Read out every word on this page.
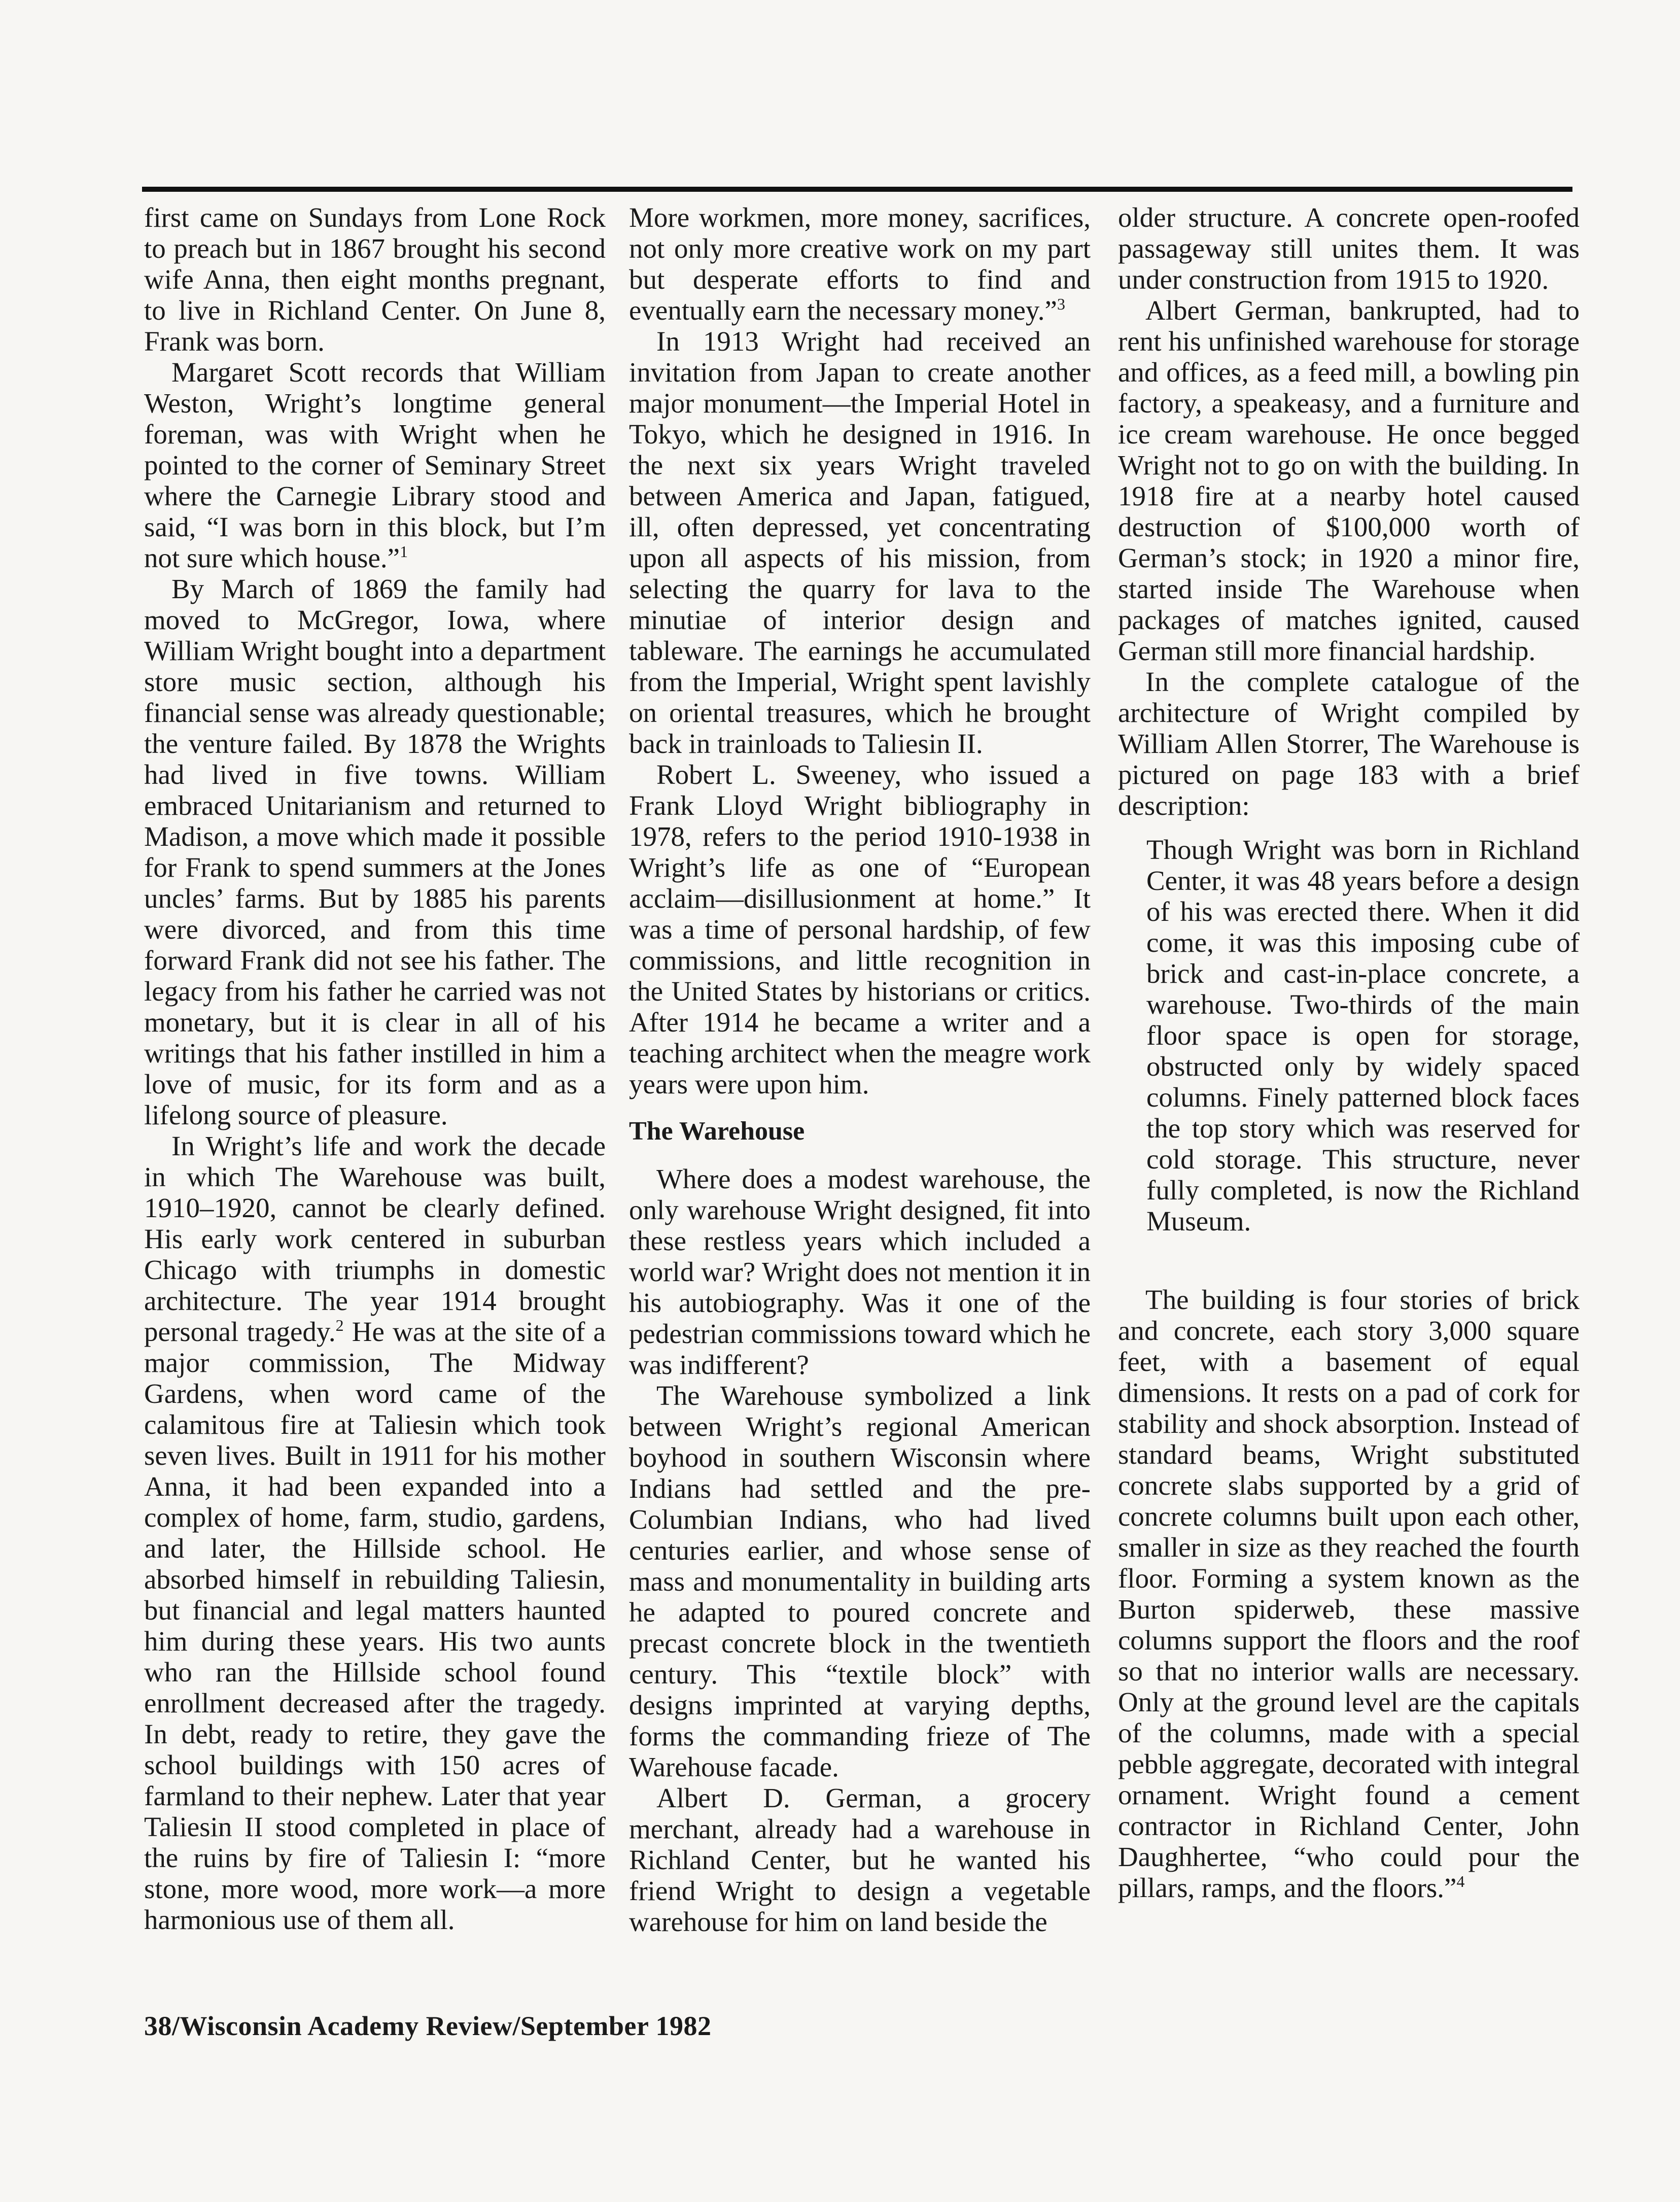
first came on Sundays from Lone Rock to preach but in 1867 brought his second wife Anna, then eight months pregnant, to live in Richland Center. On June 8, Frank was born.

Margaret Scott records that William Weston, Wright’s longtime general foreman, was with Wright when he pointed to the corner of Seminary Street where the Carnegie Library stood and said, “I was born in this block, but I’m not sure which house.”$^1$

By March of 1869 the family had moved to McGregor, Iowa, where William Wright bought into a department store music section, although his financial sense was already questionable; the venture failed. By 1878 the Wrights had lived in five towns. William embraced Unitarianism and returned to Madison, a move which made it possible for Frank to spend summers at the Jones uncles’ farms. But by 1885 his parents were divorced, and from this time forward Frank did not see his father. The legacy from his father he carried was not monetary, but it is clear in all of his writings that his father instilled in him a love of music, for its form and as a lifelong source of pleasure.

In Wright’s life and work the decade in which The Warehouse was built, 1910–1920, cannot be clearly defined. His early work centered in suburban Chicago with triumphs in domestic architecture. The year 1914 brought personal tragedy.$^2$ He was at the site of a major commission, The Midway Gardens, when word came of the calamitous fire at Taliesin which took seven lives. Built in 1911 for his mother Anna, it had been expanded into a complex of home, farm, studio, gardens, and later, the Hillside school. He absorbed himself in rebuilding Taliesin, but financial and legal matters haunted him during these years. His two aunts who ran the Hillside school found enrollment decreased after the tragedy. In debt, ready to retire, they gave the school buildings with 150 acres of farmland to their nephew. Later that year Taliesin II stood completed in place of the ruins by fire of Taliesin I: “more stone, more wood, more work—a more harmonious use of them all.

More workmen, more money, sacrifices, not only more creative work on my part but desperate efforts to find and eventually earn the necessary money.”$^3$

In 1913 Wright had received an invitation from Japan to create another major monument—the Imperial Hotel in Tokyo, which he designed in 1916. In the next six years Wright traveled between America and Japan, fatigued, ill, often depressed, yet concentrating upon all aspects of his mission, from selecting the quarry for lava to the minutiae of interior design and tableware. The earnings he accumulated from the Imperial, Wright spent lavishly on oriental treasures, which he brought back in trainloads to Taliesin II.

Robert L. Sweeney, who issued a Frank Lloyd Wright bibliography in 1978, refers to the period 1910-1938 in Wright’s life as one of “European acclaim—disillusionment at home.” It was a time of personal hardship, of few commissions, and little recognition in the United States by historians or critics. After 1914 he became a writer and a teaching architect when the meagre work years were upon him.

The Warehouse

Where does a modest warehouse, the only warehouse Wright designed, fit into these restless years which included a world war? Wright does not mention it in his autobiography. Was it one of the pedestrian commissions toward which he was indifferent?

The Warehouse symbolized a link between Wright’s regional American boyhood in southern Wisconsin where Indians had settled and the pre-Columbian Indians, who had lived centuries earlier, and whose sense of mass and monumentality in building arts he adapted to poured concrete and precast concrete block in the twentieth century. This “textile block” with designs imprinted at varying depths, forms the commanding frieze of The Warehouse facade.

Albert D. German, a grocery merchant, already had a warehouse in Richland Center, but he wanted his friend Wright to design a vegetable warehouse for him on land beside the

older structure. A concrete open-roofed passageway still unites them. It was under construction from 1915 to 1920.

Albert German, bankrupted, had to rent his unfinished warehouse for storage and offices, as a feed mill, a bowling pin factory, a speakeasy, and a furniture and ice cream warehouse. He once begged Wright not to go on with the building. In 1918 fire at a nearby hotel caused destruction of $100,000 worth of German’s stock; in 1920 a minor fire, started inside The Warehouse when packages of matches ignited, caused German still more financial hardship.

In the complete catalogue of the architecture of Wright compiled by William Allen Storrer, The Warehouse is pictured on page 183 with a brief description:

Though Wright was born in Richland Center, it was 48 years before a design of his was erected there. When it did come, it was this imposing cube of brick and cast-in-place concrete, a warehouse. Two-thirds of the main floor space is open for storage, obstructed only by widely spaced columns. Finely patterned block faces the top story which was reserved for cold storage. This structure, never fully completed, is now the Richland Museum.

The building is four stories of brick and concrete, each story 3,000 square feet, with a basement of equal dimensions. It rests on a pad of cork for stability and shock absorption. Instead of standard beams, Wright substituted concrete slabs supported by a grid of concrete columns built upon each other, smaller in size as they reached the fourth floor. Forming a system known as the Burton spiderweb, these massive columns support the floors and the roof so that no interior walls are necessary. Only at the ground level are the capitals of the columns, made with a special pebble aggregate, decorated with integral ornament. Wright found a cement contractor in Richland Center, John Daughhertee, “who could pour the pillars, ramps, and the floors.”$^4$

38/Wisconsin Academy Review/September 1982
